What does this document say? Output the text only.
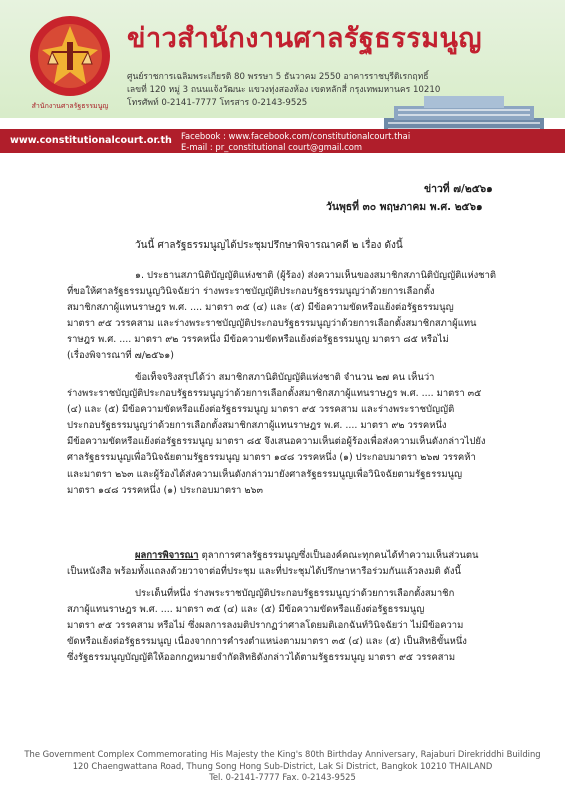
สำนักงานศาลรัฐธรรมนูญ
ข่าวสำนักงานศาลรัฐธรรมนูญ
ศูนย์ราชการเฉลิมพระเกียรติ 80 พรรษา 5 ธันวาคม 2550 อาคารราชบุรีดิเรกฤทธิ์
เลขที่ 120 หมู่ 3 ถนนแจ้งวัฒนะ แขวงทุ่งสองห้อง เขตหลักสี่ กรุงเทพมหานคร 10210
โทรศัพท์ 0-2141-7777 โทรสาร 0-2143-9525
www.constitutionalcourt.or.th Facebook : www.facebook.com/constitutionalcourt.thai
E-mail : pr_constitutional court@gmail.com
ข่าวที่ ๗/๒๕๖๑
วันพุธที่ ๓๐ พฤษภาคม พ.ศ. ๒๕๖๑
วันนี้ ศาลรัฐธรรมนูญได้ประชุมปรึกษาพิจารณาคดี ๒ เรื่อง ดังนี้
๑. ประธานสภานิติบัญญัติแห่งชาติ (ผู้ร้อง) ส่งความเห็นของสมาชิกสภานิติบัญญัติแห่งชาติ
ที่ขอให้ศาลรัฐธรรมนูญวินิจฉัยว่า ร่างพระราชบัญญัติประกอบรัฐธรรมนูญว่าด้วยการเลือกตั้ง
สมาชิกสภาผู้แทนราษฎร พ.ศ. .... มาตรา ๓๕ (๔) และ (๕) มีข้อความขัดหรือแย้งต่อรัฐธรรมนูญ
มาตรา ๙๕ วรรคสาม และร่างพระราชบัญญัติประกอบรัฐธรรมนูญว่าด้วยการเลือกตั้งสมาชิกสภาผู้แทน
ราษฎร พ.ศ. .... มาตรา ๙๒ วรรคหนึ่ง มีข้อความขัดหรือแย้งต่อรัฐธรรมนูญ มาตรา ๘๕ หรือไม่
(เรื่องพิจารณาที่ ๗/๒๕๖๑)
ข้อเท็จจริงสรุปได้ว่า สมาชิกสภานิติบัญญัติแห่งชาติ จำนวน ๒๗ คน เห็นว่า
ร่างพระราชบัญญัติประกอบรัฐธรรมนูญว่าด้วยการเลือกตั้งสมาชิกสภาผู้แทนราษฎร พ.ศ. .... มาตรา ๓๕
(๔) และ (๕) มีข้อความขัดหรือแย้งต่อรัฐธรรมนูญ มาตรา ๙๕ วรรคสาม และร่างพระราชบัญญัติ
ประกอบรัฐธรรมนูญว่าด้วยการเลือกตั้งสมาชิกสภาผู้แทนราษฎร พ.ศ. .... มาตรา ๙๒ วรรคหนึ่ง
มีข้อความขัดหรือแย้งต่อรัฐธรรมนูญ มาตรา ๘๕ จึงเสนอความเห็นต่อผู้ร้องเพื่อส่งความเห็นดังกล่าวไปยัง
ศาลรัฐธรรมนูญเพื่อวินิจฉัยตามรัฐธรรมนูญ มาตรา ๑๔๘ วรรคหนึ่ง (๑) ประกอบมาตรา ๒๖๗ วรรคห้า
และมาตรา ๒๖๓ และผู้ร้องได้ส่งความเห็นดังกล่าวมายังศาลรัฐธรรมนูญเพื่อวินิจฉัยตามรัฐธรรมนูญ
มาตรา ๑๔๘ วรรคหนึ่ง (๑) ประกอบมาตรา ๒๖๓
ผลการพิจารณา ตุลาการศาลรัฐธรรมนูญซึ่งเป็นองค์คณะทุกคนได้ทำความเห็นส่วนตน
เป็นหนังสือ พร้อมทั้งแถลงด้วยวาจาต่อที่ประชุม และที่ประชุมได้ปรึกษาหารือร่วมกันแล้วลงมติ ดังนี้
ประเด็นที่หนึ่ง ร่างพระราชบัญญัติประกอบรัฐธรรมนูญว่าด้วยการเลือกตั้งสมาชิก
สภาผู้แทนราษฎร พ.ศ. .... มาตรา ๓๕ (๔) และ (๕) มีข้อความขัดหรือแย้งต่อรัฐธรรมนูญ
มาตรา ๙๕ วรรคสาม หรือไม่ ซึ่งผลการลงมติปรากฏว่าศาลโดยมติเอกฉันท์วินิจฉัยว่า ไม่มีข้อความ
ขัดหรือแย้งต่อรัฐธรรมนูญ เนื่องจากการคำรงตำแหน่งตามมาตรา ๓๕ (๔) และ (๕) เป็นสิทธิขั้นหนึ่ง
ซึ่งรัฐธรรมนูญบัญญัติให้ออกกฎหมายจำกัดสิทธิดังกล่าวได้ตามรัฐธรรมนูญ มาตรา ๙๕ วรรคสาม
The Government Complex Commemorating His Majesty the King's 80th Birthday Anniversary, Rajaburi Direkriddhi Building
120 Chaengwattana Road, Thung Song Hong Sub-District, Lak Si District, Bangkok 10210 THAILAND
Tel. 0-2141-7777 Fax. 0-2143-9525
